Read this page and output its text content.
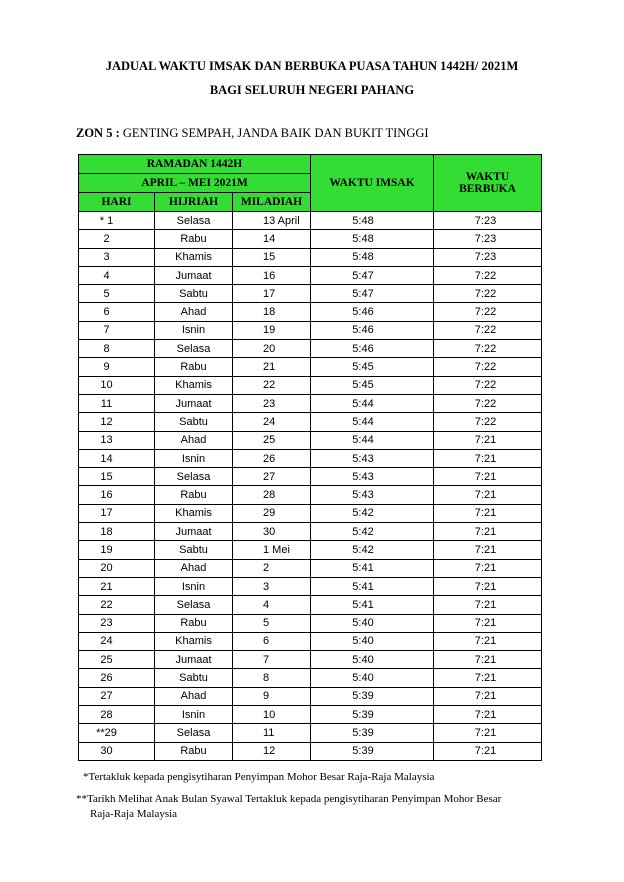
JADUAL WAKTU IMSAK DAN BERBUKA PUASA TAHUN 1442H/ 2021M
BAGI SELURUH NEGERI PAHANG
ZON 5 : GENTING SEMPAH, JANDA BAIK DAN BUKIT TINGGI
RAMADAN 1442H			WAKTU IMSAK	WAKTU
BERBUKA
APRIL – MEI 2021M				
HARI	HIJRIAH	MILADIAH		
* 1	Selasa	13 April	5:48	7:23
2	Rabu	14	5:48	7:23
3	Khamis	15	5:48	7:23
4	Jumaat	16	5:47	7:22
5	Sabtu	17	5:47	7:22
6	Ahad	18	5:46	7:22
7	Isnin	19	5:46	7:22
8	Selasa	20	5:46	7:22
9	Rabu	21	5:45	7:22
10	Khamis	22	5:45	7:22
11	Jumaat	23	5:44	7:22
12	Sabtu	24	5:44	7:22
13	Ahad	25	5:44	7:21
14	Isnin	26	5:43	7:21
15	Selasa	27	5:43	7:21
16	Rabu	28	5:43	7:21
17	Khamis	29	5:42	7:21
18	Jumaat	30	5:42	7:21
19	Sabtu	1 Mei	5:42	7:21
20	Ahad	2	5:41	7:21
21	Isnin	3	5:41	7:21
22	Selasa	4	5:41	7:21
23	Rabu	5	5:40	7:21
24	Khamis	6	5:40	7:21
25	Jumaat	7	5:40	7:21
26	Sabtu	8	5:40	7:21
27	Ahad	9	5:39	7:21
28	Isnin	10	5:39	7:21
**29	Selasa	11	5:39	7:21
30	Rabu	12	5:39	7:21
*Tertakluk kepada pengisytiharan Penyimpan Mohor Besar Raja-Raja Malaysia
**Tarikh Melihat Anak Bulan Syawal Tertakluk kepada pengisytiharan Penyimpan Mohor Besar
Raja-Raja Malaysia
